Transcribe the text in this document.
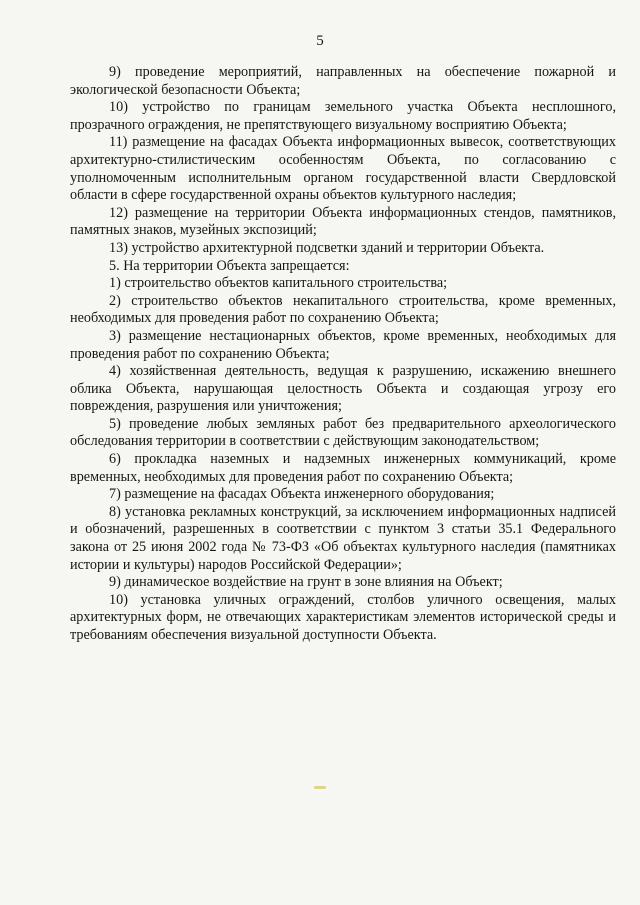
5

9) проведение мероприятий, направленных на обеспечение пожарной и экологической безопасности Объекта;

10) устройство по границам земельного участка Объекта несплошного, прозрачного ограждения, не препятствующего визуальному восприятию Объекта;

11) размещение на фасадах Объекта информационных вывесок, соответствующих архитектурно-стилистическим особенностям Объекта, по согласованию с уполномоченным исполнительным органом государственной власти Свердловской области в сфере государственной охраны объектов культурного наследия;

12) размещение на территории Объекта информационных стендов, памятников, памятных знаков, музейных экспозиций;

13) устройство архитектурной подсветки зданий и территории Объекта.

5. На территории Объекта запрещается:

1) строительство объектов капитального строительства;

2) строительство объектов некапитального строительства, кроме временных, необходимых для проведения работ по сохранению Объекта;

3) размещение нестационарных объектов, кроме временных, необходимых для проведения работ по сохранению Объекта;

4) хозяйственная деятельность, ведущая к разрушению, искажению внешнего облика Объекта, нарушающая целостность Объекта и создающая угрозу его повреждения, разрушения или уничтожения;

5) проведение любых земляных работ без предварительного археологического обследования территории в соответствии с действующим законодательством;

6) прокладка наземных и надземных инженерных коммуникаций, кроме временных, необходимых для проведения работ по сохранению Объекта;

7) размещение на фасадах Объекта инженерного оборудования;

8) установка рекламных конструкций, за исключением информационных надписей и обозначений, разрешенных в соответствии с пунктом 3 статьи 35.1 Федерального закона от 25 июня 2002 года № 73-ФЗ «Об объектах культурного наследия (памятниках истории и культуры) народов Российской Федерации»;

9) динамическое воздействие на грунт в зоне влияния на Объект;

10) установка уличных ограждений, столбов уличного освещения, малых архитектурных форм, не отвечающих характеристикам элементов исторической среды и требованиям обеспечения визуальной доступности Объекта.
